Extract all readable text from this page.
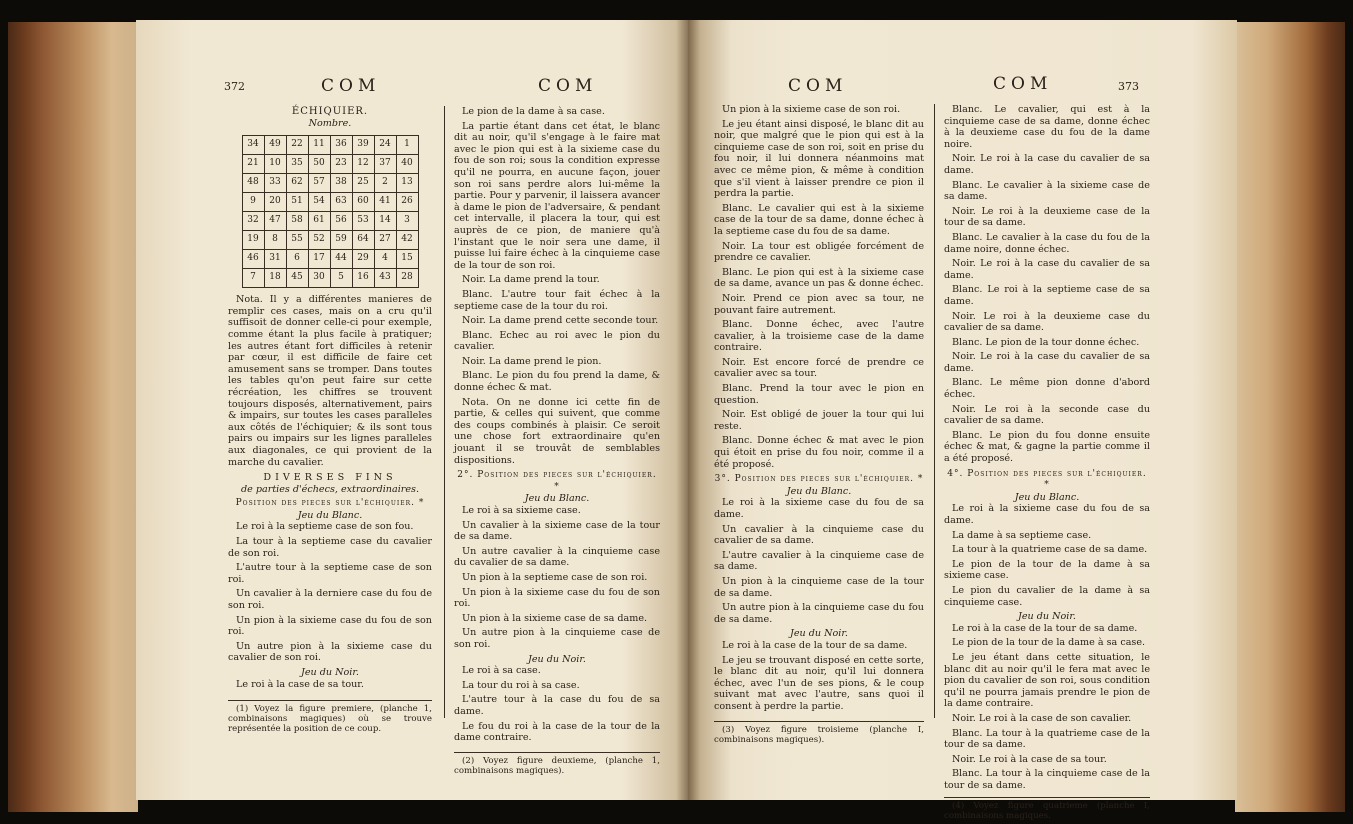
372	COM	COM
ÉCHIQUIER.
Nombre.
34	49	22	11	36	39	24	1
21	10	35	50	23	12	37	40
48	33	62	57	38	25	2	13
9	20	51	54	63	60	41	26
32	47	58	61	56	53	14	3
19	8	55	52	59	64	27	42
46	31	6	17	44	29	4	15
7	18	45	30	5	16	43	28

Nota. Il y a différentes manieres de remplir ces cases, mais on a cru qu'il suffisoit de donner celle-ci pour exemple, comme étant la plus facile à pratiquer; les autres étant fort difficiles à retenir par cœur, il est difficile de faire cet amusement sans se tromper. Dans toutes les tables qu'on peut faire sur cette récréation, les chiffres se trouvent toujours disposés, alternativement, pairs & impairs, sur toutes les cases paralleles aux côtés de l'échiquier; & ils sont tous pairs ou impairs sur les lignes paralleles aux diagonales, ce qui provient de la marche du cavalier.

DIVERSES FINS
de parties d'échecs, extraordinaires.
Position des pieces sur l'échiquier. *
Jeu du Blanc.

Le roi à la septieme case de son fou.

La tour à la septieme case du cavalier de son roi.

L'autre tour à la septieme case de son roi.

Un cavalier à la derniere case du fou de son roi.

Un pion à la sixieme case du fou de son roi.

Un autre pion à la sixieme case du cavalier de son roi.

Jeu du Noir.

Le roi à la case de sa tour.

(1) Voyez la figure premiere, (planche 1, combinaisons magiques) où se trouve représentée la position de ce coup.

Le pion de la dame à sa case.

La partie étant dans cet état, le blanc dit au noir, qu'il s'engage à le faire mat avec le pion qui est à la sixieme case du fou de son roi; sous la condition expresse qu'il ne pourra, en aucune façon, jouer son roi sans perdre alors lui-même la partie. Pour y parvenir, il laissera avancer à dame le pion de l'adversaire, & pendant cet intervalle, il placera la tour, qui est auprès de ce pion, de maniere qu'à l'instant que le noir sera une dame, il puisse lui faire échec à la cinquieme case de la tour de son roi.

Noir. La dame prend la tour.

Blanc. L'autre tour fait échec à la septieme case de la tour du roi.

Noir. La dame prend cette seconde tour.

Blanc. Echec au roi avec le pion du cavalier.

Noir. La dame prend le pion.

Blanc. Le pion du fou prend la dame, & donne échec & mat.

Nota. On ne donne ici cette fin de partie, & celles qui suivent, que comme des coups combinés à plaisir. Ce seroit une chose fort extraordinaire qu'en jouant il se trouvât de semblables dispositions.

2°. Position des pieces sur l'échiquier. *
Jeu du Blanc.

Le roi à sa sixieme case.

Un cavalier à la sixieme case de la tour de sa dame.

Un autre cavalier à la cinquieme case du cavalier de sa dame.

Un pion à la septieme case de son roi.

Un pion à la sixieme case du fou de son roi.

Un pion à la sixieme case de sa dame.

Un autre pion à la cinquieme case de son roi.

Jeu du Noir.

Le roi à sa case.

La tour du roi à sa case.

L'autre tour à la case du fou de sa dame.

Le fou du roi à la case de la tour de la dame contraire.

(2) Voyez figure deuxieme, (planche 1, combinaisons magiques).

COM	COM	373

Un pion à la sixieme case de son roi.

Le jeu étant ainsi disposé, le blanc dit au noir, que malgré que le pion qui est à la cinquieme case de son roi, soit en prise du fou noir, il lui donnera néanmoins mat avec ce même pion, & même à condition que s'il vient à laisser prendre ce pion il perdra la partie.

Blanc. Le cavalier qui est à la sixieme case de la tour de sa dame, donne échec à la septieme case du fou de sa dame.

Noir. La tour est obligée forcément de prendre ce cavalier.

Blanc. Le pion qui est à la sixieme case de sa dame, avance un pas & donne échec.

Noir. Prend ce pion avec sa tour, ne pouvant faire autrement.

Blanc. Donne échec, avec l'autre cavalier, à la troisieme case de la dame contraire.

Noir. Est encore forcé de prendre ce cavalier avec sa tour.

Blanc. Prend la tour avec le pion en question.

Noir. Est obligé de jouer la tour qui lui reste.

Blanc. Donne échec & mat avec le pion qui étoit en prise du fou noir, comme il a été proposé.

3°. Position des pieces sur l'échiquier. *
Jeu du Blanc.

Le roi à la sixieme case du fou de sa dame.

Un cavalier à la cinquieme case du cavalier de sa dame.

L'autre cavalier à la cinquieme case de sa dame.

Un pion à la cinquieme case de la tour de sa dame.

Un autre pion à la cinquieme case du fou de sa dame.

Jeu du Noir.

Le roi à la case de la tour de sa dame.

Le jeu se trouvant disposé en cette sorte, le blanc dit au noir, qu'il lui donnera échec, avec l'un de ses pions, & le coup suivant mat avec l'autre, sans quoi il consent à perdre la partie.

(3) Voyez figure troisieme (planche I, combinaisons magiques).

Blanc. Le cavalier, qui est à la cinquieme case de sa dame, donne échec à la deuxieme case du fou de la dame noire.

Noir. Le roi à la case du cavalier de sa dame.

Blanc. Le cavalier à la sixieme case de sa dame.

Noir. Le roi à la deuxieme case de la tour de sa dame.

Blanc. Le cavalier à la case du fou de la dame noire, donne échec.

Noir. Le roi à la case du cavalier de sa dame.

Blanc. Le roi à la septieme case de sa dame.

Noir. Le roi à la deuxieme case du cavalier de sa dame.

Blanc. Le pion de la tour donne échec.

Noir. Le roi à la case du cavalier de sa dame.

Blanc. Le même pion donne d'abord échec.

Noir. Le roi à la seconde case du cavalier de sa dame.

Blanc. Le pion du fou donne ensuite échec & mat, & gagne la partie comme il a été proposé.

4°. Position des pieces sur l'échiquier. *
Jeu du Blanc.

Le roi à la sixieme case du fou de sa dame.

La dame à sa septieme case.

La tour à la quatrieme case de sa dame.

Le pion de la tour de la dame à sa sixieme case.

Le pion du cavalier de la dame à sa cinquieme case.

Jeu du Noir.

Le roi à la case de la tour de sa dame.

Le pion de la tour de la dame à sa case.

Le jeu étant dans cette situation, le blanc dit au noir qu'il le fera mat avec le pion du cavalier de son roi, sous condition qu'il ne pourra jamais prendre le pion de la dame contraire.

Noir. Le roi à la case de son cavalier.

Blanc. La tour à la quatrieme case de la tour de sa dame.

Noir. Le roi à la case de sa tour.

Blanc. La tour à la cinquieme case de la tour de sa dame.

(4) Voyez figure quatrieme (planche I, combinaisons magiques.
